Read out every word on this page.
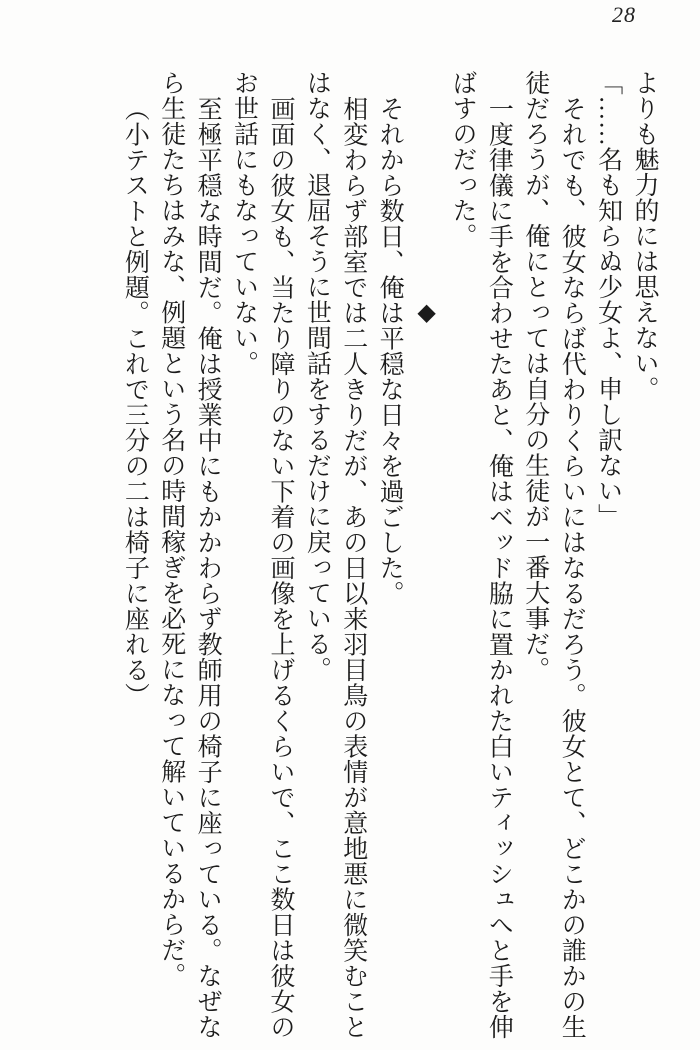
28

よりも魅力的には思えない。

「……名も知らぬ少女よ、申し訳ない」

それでも、彼女ならば代わりくらいにはなるだろう。彼女とて、どこかの誰かの生徒だろうが、俺にとっては自分の生徒が一番大事だ。

一度律儀に手を合わせたあと、俺はベッド脇に置かれた白いティッシュへと手を伸ばすのだった。

◆

それから数日、俺は平穏な日々を過ごした。

相変わらず部室では二人きりだが、あの日以来羽目鳥の表情が意地悪に微笑むことはなく、退屈そうに世間話をするだけに戻っている。

画面の彼女も、当たり障りのない下着の画像を上げるくらいで、ここ数日は彼女のお世話にもなっていない。

至極平穏な時間だ。俺は授業中にもかかわらず教師用の椅子に座っている。なぜなら生徒たちはみな、例題という名の時間稼ぎを必死になって解いているからだ。

（小テストと例題。これで三分の二は椅子に座れる）
